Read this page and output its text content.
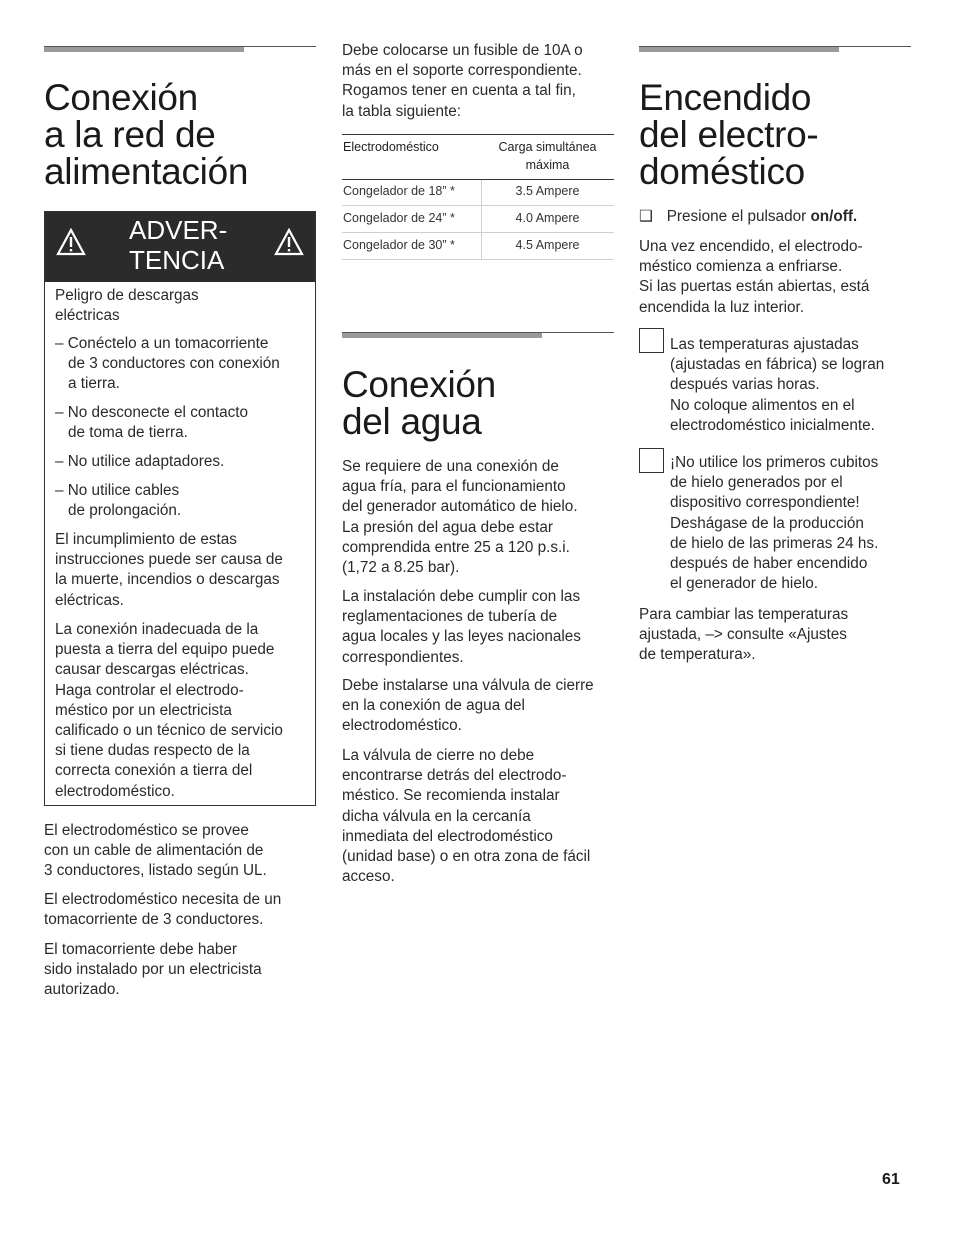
Conexión
a la red de
alimentación
ADVER-
TENCIA
Peligro de descargas
eléctricas
– Conéctelo a un tomacorriente
de 3 conductores con conexión
a tierra.
– No desconecte el contacto
de toma de tierra.
– No utilice adaptadores.
– No utilice cables
de prolongación.
El incumplimiento de estas
instrucciones puede ser causa de
la muerte, incendios o descargas
eléctricas.
La conexión inadecuada de la
puesta a tierra del equipo puede
causar descargas eléctricas.
Haga controlar el electrodo-
méstico por un electricista
calificado o un técnico de servicio
si tiene dudas respecto de la
correcta conexión a tierra del
electrodoméstico.
El electrodoméstico se provee
con un cable de alimentación de
3 conductores, listado según UL.
El electrodoméstico necesita de un
tomacorriente de 3 conductores.
El tomacorriente debe haber
sido instalado por un electricista
autorizado.
Debe colocarse un fusible de 10A o
más en el soporte correspondiente.
Rogamos tener en cuenta a tal fin,
la tabla siguiente:
Electrodoméstico	Carga simultánea
máxima
Congelador de 18” *	3.5 Ampere
Congelador de 24” *	4.0 Ampere
Congelador de 30” *	4.5 Ampere
Conexión
del agua
Se requiere de una conexión de
agua fría, para el funcionamiento
del generador automático de hielo.
La presión del agua debe estar
comprendida entre 25 a 120 p.s.i.
(1,72 a 8.25 bar).
La instalación debe cumplir con las
reglamentaciones de tubería de
agua locales y las leyes nacionales
correspondientes.
Debe instalarse una válvula de cierre
en la conexión de agua del
electrodoméstico.
La válvula de cierre no debe
encontrarse detrás del electrodo-
méstico. Se recomienda instalar
dicha válvula en la cercanía
inmediata del electrodoméstico
(unidad base) o en otra zona de fácil
acceso.
Encendido
del electro-
doméstico
❑ Presione el pulsador on/off.
Una vez encendido, el electrodo-
méstico comienza a enfriarse.
Si las puertas están abiertas, está
encendida la luz interior.
Las temperaturas ajustadas
(ajustadas en fábrica) se logran
después varias horas.
No coloque alimentos en el
electrodoméstico inicialmente.
¡No utilice los primeros cubitos
de hielo generados por el
dispositivo correspondiente!
Deshágase de la producción
de hielo de las primeras 24 hs.
después de haber encendido
el generador de hielo.
Para cambiar las temperaturas
ajustada, –> consulte «Ajustes
de temperatura».
61
